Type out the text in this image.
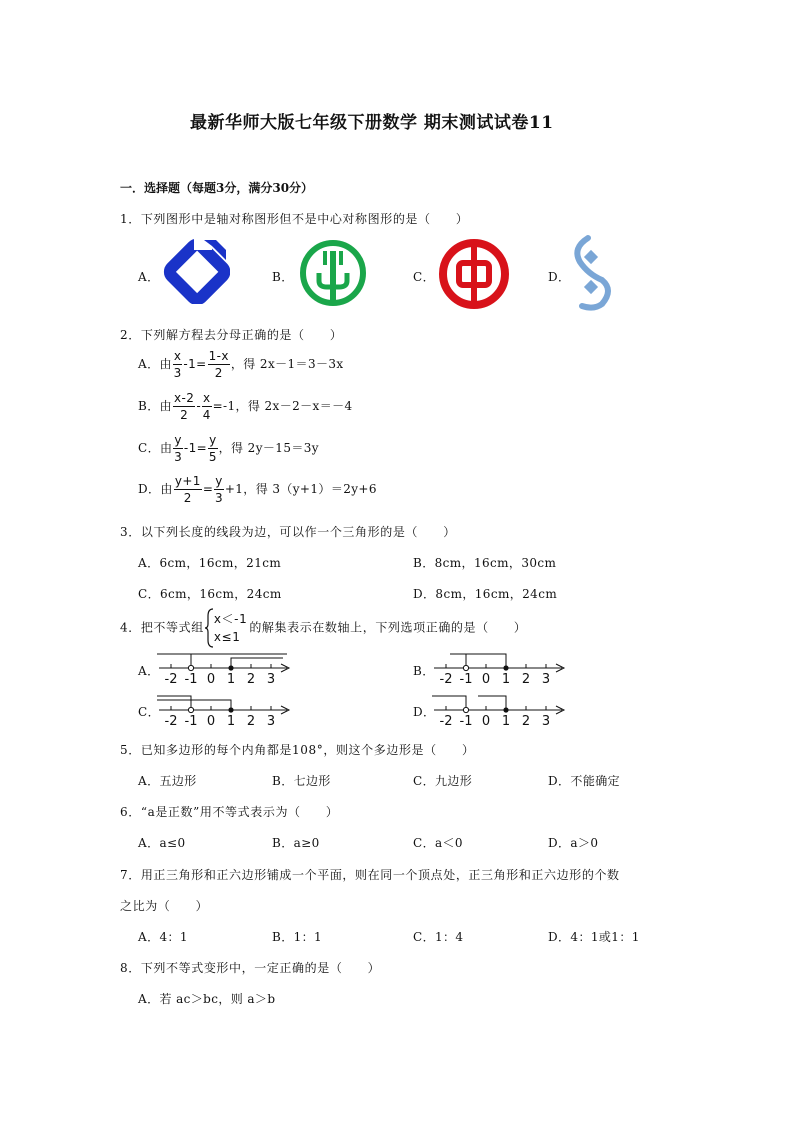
最新华师大版七年级下册数学 期末测试试卷11
一．选择题（每题3分，满分30分）
1．下列图形中是轴对称图形但不是中心对称图形的是（　　）
A．	B．	C．	D．
2．下列解方程去分母正确的是（　　）
A．由 $\frac{x}{3} -1= \frac{1-x}{2}$ ，得 2x－1＝3－3x
B．由 $\frac{x-2}{2} - \frac{x}{4} =-1$，得 2x－2－x＝－4
C．由 $\frac{y}{3} -1= \frac{y}{5}$ ，得 2y－15＝3y
D．由 $\frac{y+1}{2} = \frac{y}{3} +1$，得 3（y+1）＝2y+6
3．以下列长度的线段为边，可以作一个三角形的是（　　）
A．6cm，16cm，21cm	B．8cm，16cm，30cm
C．6cm，16cm，24cm	D．8cm，16cm，24cm
4．把不等式组
x＜-1
x≤1
的解集表示在数轴上，下列选项正确的是（　　）
A．	B．
C．	D．
-2 -1 0 1 2 3	-2 -1 0 1 2 3
-2 -1 0 1 2 3	-2 -1 0 1 2 3
5．已知多边形的每个内角都是108°，则这个多边形是（　　）
A．五边形	B．七边形	C．九边形	D．不能确定
6．“a是正数”用不等式表示为（　　）
A．a≤0	B．a≥0	C．a＜0	D．a＞0
7．用正三角形和正六边形铺成一个平面，则在同一个顶点处，正三角形和正六边形的个数
之比为（　　）
A．4：1	B．1：1	C．1：4	D．4：1或1：1
8．下列不等式变形中，一定正确的是（　　）
A．若 ac＞bc，则 a＞b
